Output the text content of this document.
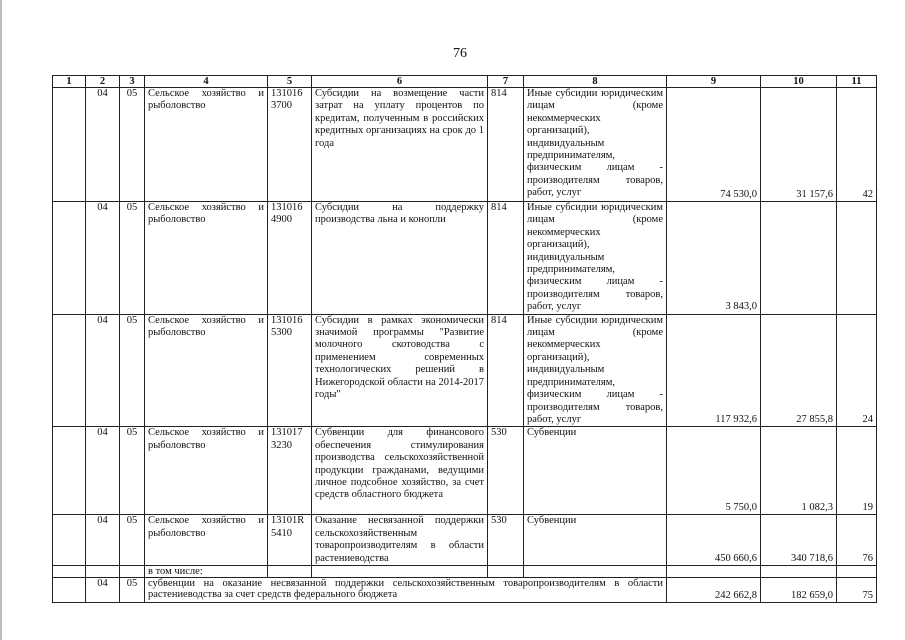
76
1	2	3	4	5	6	7	8	9	10	11
	04	05	Сельское хозяйство и рыболовство	131016 3700	Субсидии на возмещение части затрат на уплату процентов по кредитам, полученным в российских кредитных организациях на срок до 1 года	814	Иные субсидии юридическим лицам (кроме некоммерческих организаций), индивидуальным предпринимателям, физическим лицам - производителям товаров, работ, услуг	74 530,0	31 157,6	42
	04	05	Сельское хозяйство и рыболовство	131016 4900	Субсидии на поддержку производства льна и конопли	814	Иные субсидии юридическим лицам (кроме некоммерческих организаций), индивидуальным предпринимателям, физическим лицам - производителям товаров, работ, услуг	3 843,0		
	04	05	Сельское хозяйство и рыболовство	131016 5300	Субсидии в рамках экономически значимой программы "Развитие молочного скотоводства с применением современных технологических решений в Нижегородской области на 2014-2017 годы"	814	Иные субсидии юридическим лицам (кроме некоммерческих организаций), индивидуальным предпринимателям, физическим лицам - производителям товаров, работ, услуг	117 932,6	27 855,8	24
	04	05	Сельское хозяйство и рыболовство	131017 3230	Субвенции для финансового обеспечения стимулирования производства сельскохозяйственной продукции гражданами, ведущими личное подсобное хозяйство, за счет средств областного бюджета	530	Субвенции	5 750,0	1 082,3	19
	04	05	Сельское хозяйство и рыболовство	13101R 5410	Оказание несвязанной поддержки сельскохозяйственным товаропроизводителям в области растениеводства	530	Субвенции	450 660,6	340 718,6	76
			в том числе:							
	04	05	субвенции на оказание несвязанной поддержки сельскохозяйственным товаропроизводителям в области растениеводства за счет средств федерального бюджета					242 662,8	182 659,0	75
